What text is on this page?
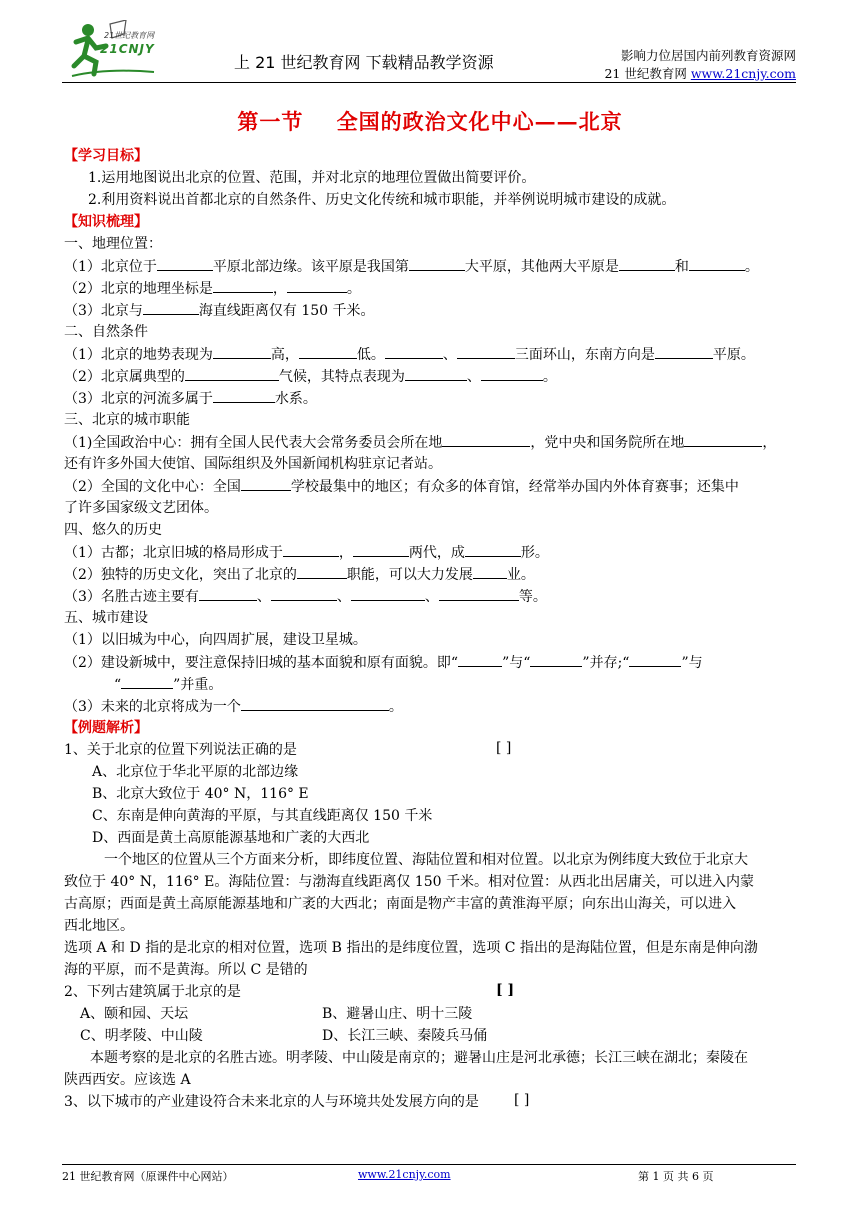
21世纪教育网
21CNJY
上 21 世纪教育网 下载精品教学资源	影响力位居国内前列教育资源网
21 世纪教育网 www.21cnjy.com
第一节    全国的政治文化中心——北京
【学习目标】
1.运用地图说出北京的位置、范围，并对北京的地理位置做出简要评价。
2.利用资料说出首都北京的自然条件、历史文化传统和城市职能，并举例说明城市建设的成就。
【知识梳理】
一、地理位置：
（1）北京位于	平原北部边缘。该平原是我国第	大平原，其他两大平原是	和	。
（2）北京的地理坐标是	，	。
（3）北京与	海直线距离仅有 150 千米。
二、自然条件
（1）北京的地势表现为	高，	低。	、	三面环山，东南方向是	平原。
（2）北京属典型的	气候，其特点表现为	、	。
（3）北京的河流多属于	水系。
三、北京的城市职能
（1)全国政治中心：拥有全国人民代表大会常务委员会所在地	，党中央和国务院所在地	，
还有许多外国大使馆、国际组织及外国新闻机构驻京记者站。
（2）全国的文化中心：全国	学校最集中的地区；有众多的体育馆，经常举办国内外体育赛事；还集中
了许多国家级文艺团体。
四、悠久的历史
（1）古都；北京旧城的格局形成于	，	两代，成	形。
（2）独特的历史文化，突出了北京的	职能，可以大力发展 业。
（3）名胜古迹主要有	、	、	、	等。
五、城市建设
（1）以旧城为中心，向四周扩展，建设卫星城。
（2）建设新城中，要注意保持旧城的基本面貌和原有面貌。即“	”与“	”并存;“	”与
“	”并重。
（3）未来的北京将成为一个	。
【例题解析】
1、关于北京的位置下列说法正确的是	[ ]
A、北京位于华北平原的北部边缘
B、北京大致位于 40° N，116° E
C、东南是伸向黄海的平原，与其直线距离仅 150 千米
D、西面是黄土高原能源基地和广袤的大西北
一个地区的位置从三个方面来分析，即纬度位置、海陆位置和相对位置。以北京为例纬度大致位于北京大
致位于 40° N，116° E。海陆位置：与渤海直线距离仅 150 千米。相对位置：从西北出居庸关，可以进入内蒙
古高原；西面是黄土高原能源基地和广袤的大西北；南面是物产丰富的黄淮海平原；向东出山海关，可以进入
西北地区。
选项 A 和 D 指的是北京的相对位置，选项 B 指出的是纬度位置，选项 C 指出的是海陆位置，但是东南是伸向渤
海的平原，而不是黄海。所以 C 是错的
2、下列古建筑属于北京的是	[ ]
A、颐和园、天坛	B、避暑山庄、明十三陵
C、明孝陵、中山陵	D、长江三峡、秦陵兵马俑
本题考察的是北京的名胜古迹。明孝陵、中山陵是南京的；避暑山庄是河北承德；长江三峡在湖北；秦陵在
陕西西安。应该选 A
3、以下城市的产业建设符合未来北京的人与环境共处发展方向的是	[ ]
21 世纪教育网（原课件中心网站）	www.21cnjy.com	第 1 页 共 6 页
